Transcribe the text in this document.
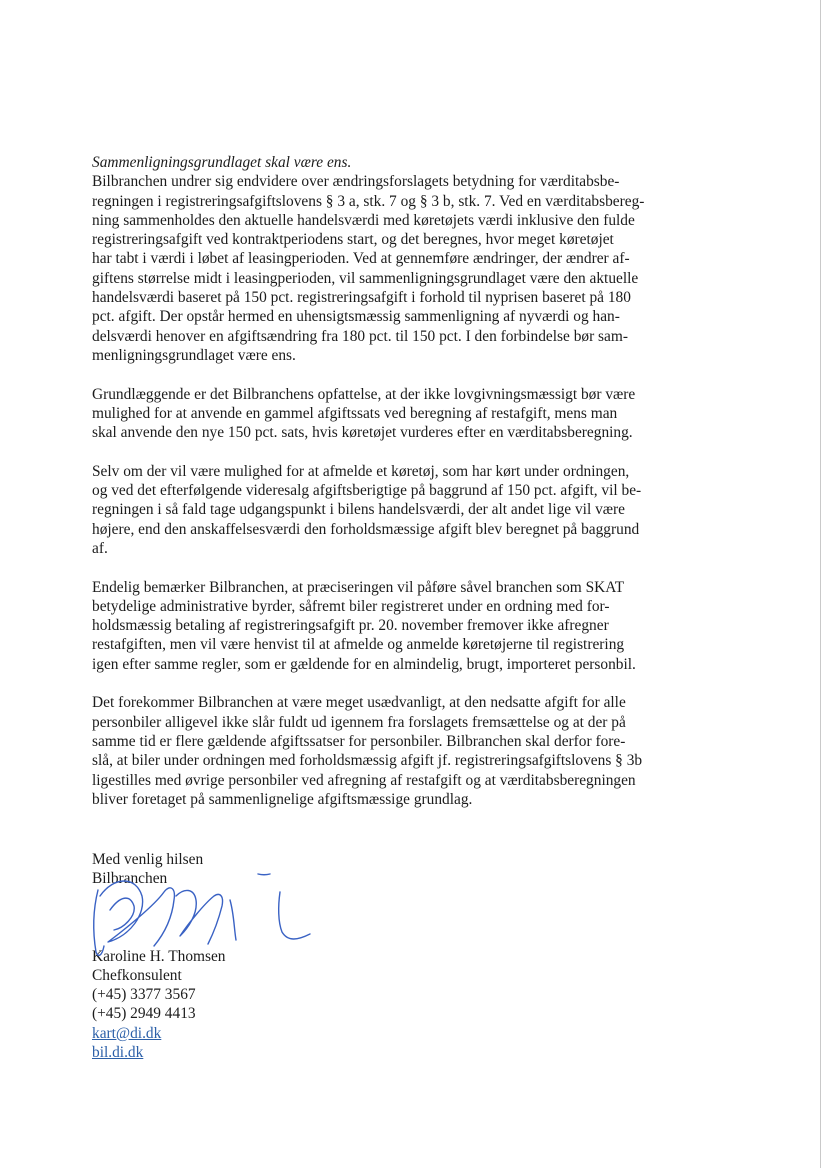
Sammenligningsgrundlaget skal være ens.

Bilbranchen undrer sig endvidere over ændringsforslagets betydning for værditabsbe-
regningen i registreringsafgiftslovens § 3 a, stk. 7 og § 3 b, stk. 7. Ved en værditabsbereg-
ning sammenholdes den aktuelle handelsværdi med køretøjets værdi inklusive den fulde
registreringsafgift ved kontraktperiodens start, og det beregnes, hvor meget køretøjet
har tabt i værdi i løbet af leasingperioden. Ved at gennemføre ændringer, der ændrer af-
giftens størrelse midt i leasingperioden, vil sammenligningsgrundlaget være den aktuelle
handelsværdi baseret på 150 pct. registreringsafgift i forhold til nyprisen baseret på 180
pct. afgift. Der opstår hermed en uhensigtsmæssig sammenligning af nyværdi og han-
delsværdi henover en afgiftsændring fra 180 pct. til 150 pct. I den forbindelse bør sam-
menligningsgrundlaget være ens.

Grundlæggende er det Bilbranchens opfattelse, at der ikke lovgivningsmæssigt bør være
mulighed for at anvende en gammel afgiftssats ved beregning af restafgift, mens man
skal anvende den nye 150 pct. sats, hvis køretøjet vurderes efter en værditabsberegning.

Selv om der vil være mulighed for at afmelde et køretøj, som har kørt under ordningen,
og ved det efterfølgende videresalg afgiftsberigtige på baggrund af 150 pct. afgift, vil be-
regningen i så fald tage udgangspunkt i bilens handelsværdi, der alt andet lige vil være
højere, end den anskaffelsesværdi den forholdsmæssige afgift blev beregnet på baggrund
af.

Endelig bemærker Bilbranchen, at præciseringen vil påføre såvel branchen som SKAT
betydelige administrative byrder, såfremt biler registreret under en ordning med for-
holdsmæssig betaling af registreringsafgift pr. 20. november fremover ikke afregner
restafgiften, men vil være henvist til at afmelde og anmelde køretøjerne til registrering
igen efter samme regler, som er gældende for en almindelig, brugt, importeret personbil.

Det forekommer Bilbranchen at være meget usædvanligt, at den nedsatte afgift for alle
personbiler alligevel ikke slår fuldt ud igennem fra forslagets fremsættelse og at der på
samme tid er flere gældende afgiftssatser for personbiler. Bilbranchen skal derfor fore-
slå, at biler under ordningen med forholdsmæssig afgift jf. registreringsafgiftslovens § 3b
ligestilles med øvrige personbiler ved afregning af restafgift og at værditabsberegningen
bliver foretaget på sammenlignelige afgiftsmæssige grundlag.

Med venlig hilsen
Bilbranchen
Karoline H. Thomsen
Chefkonsulent
(+45) 3377 3567
(+45) 2949 4413
kart@di.dk
bil.di.dk
